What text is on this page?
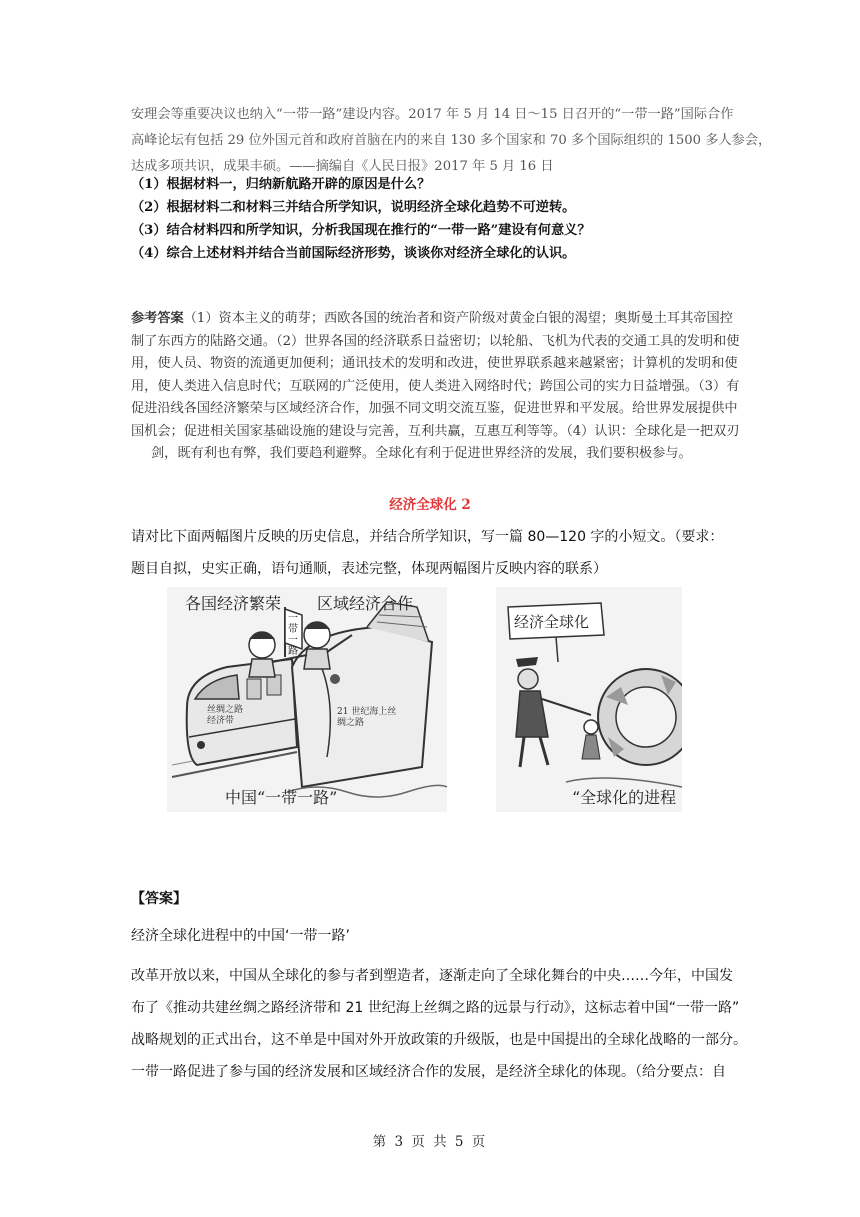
安理会等重要决议也纳入“一带一路”建设内容。2017 年 5 月 14 日～15 日召开的“一带一路”国际合作
高峰论坛有包括 29 位外国元首和政府首脑在内的来自 130 多个国家和 70 多个国际组织的 1500 多人参会，
达成多项共识，成果丰硕。——摘编自《人民日报》2017 年 5 月 16 日
（1）根据材料一，归纳新航路开辟的原因是什么？
（2）根据材料二和材料三并结合所学知识，说明经济全球化趋势不可逆转。
（3）结合材料四和所学知识，分析我国现在推行的“一带一路”建设有何意义？
（4）综合上述材料并结合当前国际经济形势，谈谈你对经济全球化的认识。
参考答案（1）资本主义的萌芽；西欧各国的统治者和资产阶级对黄金白银的渴望；奥斯曼土耳其帝国控
制了东西方的陆路交通。（2）世界各国的经济联系日益密切；以轮船、飞机为代表的交通工具的发明和使
用，使人员、物资的流通更加便利；通讯技术的发明和改进，使世界联系越来越紧密；计算机的发明和使
用，使人类进入信息时代；互联网的广泛使用，使人类进入网络时代；跨国公司的实力日益增强。（3）有
促进沿线各国经济繁荣与区域经济合作，加强不同文明交流互鉴，促进世界和平发展。给世界发展提供中
国机会；促进相关国家基础设施的建设与完善，互利共赢，互惠互利等等。（4）认识：全球化是一把双刃
剑，既有利也有弊，我们要趋利避弊。全球化有利于促进世界经济的发展，我们要积极参与。
经济全球化 2
请对比下面两幅图片反映的历史信息，并结合所学知识，写一篇 80—120 字的小短文。（要求：
题目自拟，史实正确，语句通顺，表述完整，体现两幅图片反映内容的联系）
各国经济繁荣 区域经济合作
一带一路
丝绸之路经济带
21 世纪海上丝绸之路
中国“一带一路”
经济全球化
“全球化的进程
【答案】
经济全球化进程中的中国‘一带一路’
改革开放以来，中国从全球化的参与者到塑造者，逐渐走向了全球化舞台的中央……今年，中国发
布了《推动共建丝绸之路经济带和 21 世纪海上丝绸之路的远景与行动》，这标志着中国“一带一路”
战略规划的正式出台，这不单是中国对外开放政策的升级版，也是中国提出的全球化战略的一部分。
一带一路促进了参与国的经济发展和区域经济合作的发展，是经济全球化的体现。（给分要点：自
第 3 页 共 5 页
